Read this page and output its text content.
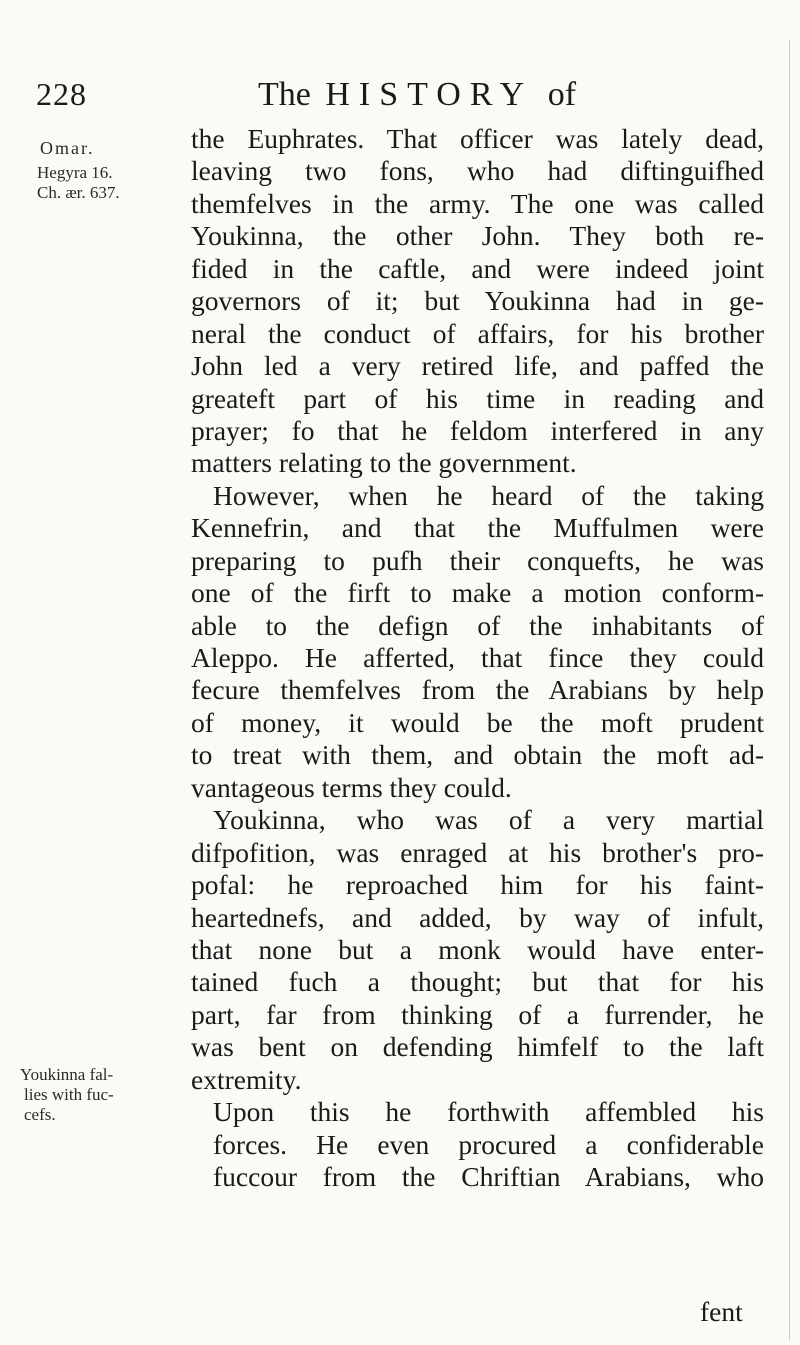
228	The HISTORY of
Omar.
Hegyra 16.
Ch. ær. 637.
Youkinna fal-
lies with fuc-
cefs.
the Euphrates. That officer was lately dead,
leaving two fons, who had diftinguifhed
themfelves in the army. The one was called
Youkinna, the other John. They both re-
fided in the caftle, and were indeed joint
governors of it; but Youkinna had in ge-
neral the conduct of affairs, for his brother
John led a very retired life, and paffed the
greateft part of his time in reading and
prayer; fo that he feldom interfered in any
matters relating to the government.
However, when he heard of the taking
Kennefrin, and that the Muffulmen were
preparing to pufh their conquefts, he was
one of the firft to make a motion conform-
able to the defign of the inhabitants of
Aleppo. He afferted, that fince they could
fecure themfelves from the Arabians by help
of money, it would be the moft prudent
to treat with them, and obtain the moft ad-
vantageous terms they could.
Youkinna, who was of a very martial
difpofition, was enraged at his brother's pro-
pofal: he reproached him for his faint-
heartednefs, and added, by way of infult,
that none but a monk would have enter-
tained fuch a thought; but that for his
part, far from thinking of a furrender, he
was bent on defending himfelf to the laft
extremity.
Upon this he forthwith affembled his
forces. He even procured a confiderable
fuccour from the Chriftian Arabians, who
fent
